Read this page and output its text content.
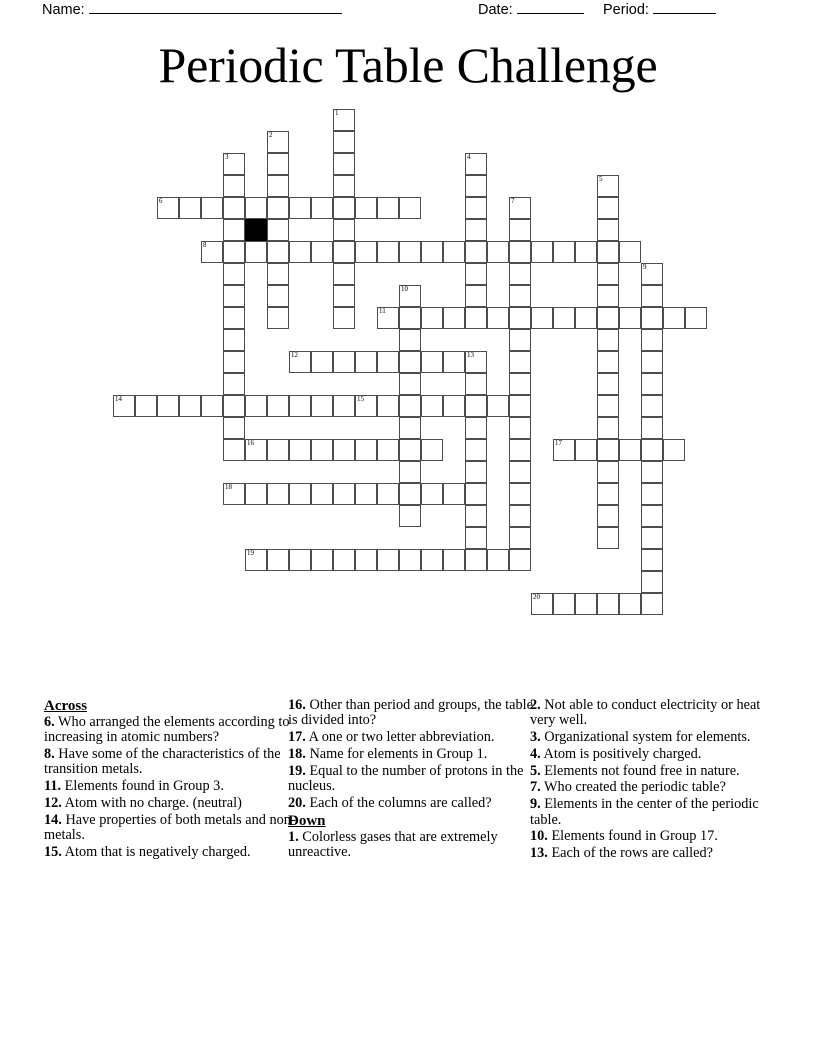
Name:	Date:	Period:
Periodic Table Challenge
1
2
3	4
5
6	7
8
9
10
11
12	13
14	15
16	17
18
19
20
Across

6. Who arranged the elements according to increasing in atomic numbers?

8. Have some of the characteristics of the transition metals.

11. Elements found in Group 3.

12. Atom with no charge. (neutral)

14. Have properties of both metals and non-metals.

15. Atom that is negatively charged.

16. Other than period and groups, the table is divided into?

17. A one or two letter abbreviation.

18. Name for elements in Group 1.

19. Equal to the number of protons in the nucleus.

20. Each of the columns are called?

Down

1. Colorless gases that are extremely unreactive.

2. Not able to conduct electricity or heat very well.

3. Organizational system for elements.

4. Atom is positively charged.

5. Elements not found free in nature.

7. Who created the periodic table?

9. Elements in the center of the periodic table.

10. Elements found in Group 17.

13. Each of the rows are called?
